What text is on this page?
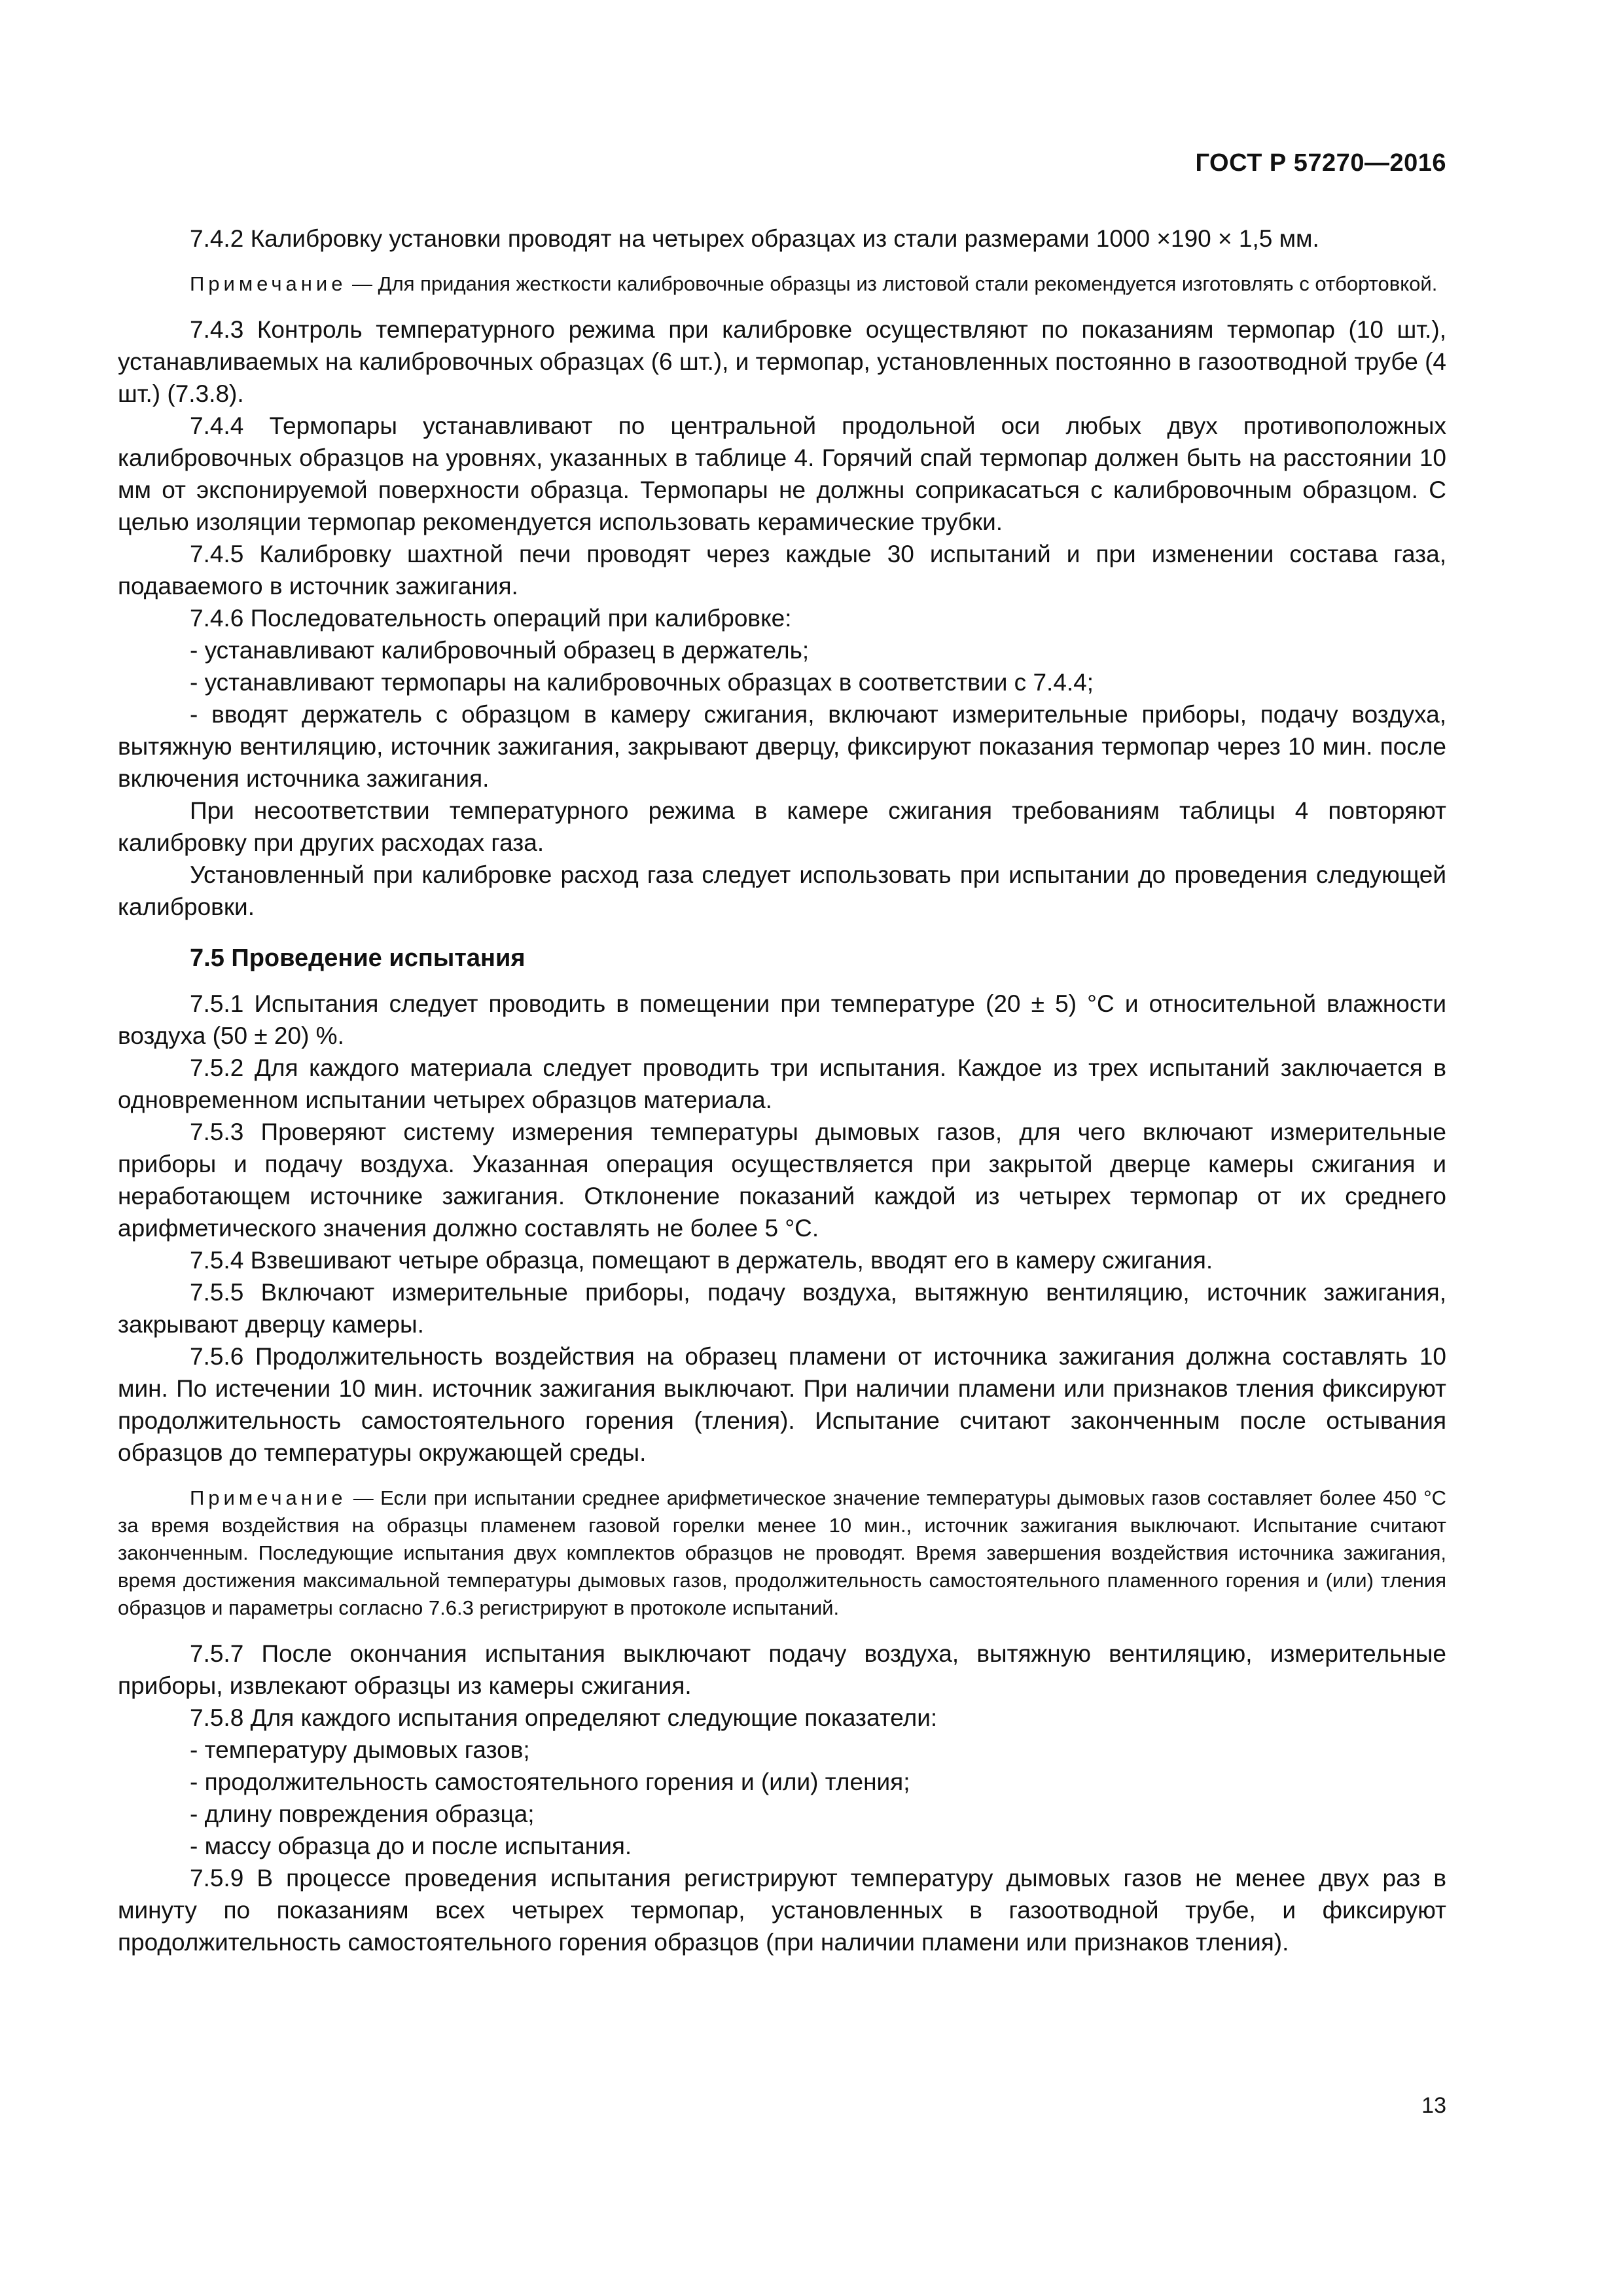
ГОСТ Р 57270—2016

7.4.2 Калибровку установки проводят на четырех образцах из стали размерами 1000 ×190 × 1,5 мм.

Примечание — Для придания жесткости калибровочные образцы из листовой стали рекомендуется изготовлять с отбортовкой.

7.4.3 Контроль температурного режима при калибровке осуществляют по показаниям термопар (10 шт.), устанавливаемых на калибровочных образцах (6 шт.), и термопар, установленных постоянно в газоотводной трубе (4 шт.) (7.3.8).

7.4.4 Термопары устанавливают по центральной продольной оси любых двух противоположных калибровочных образцов на уровнях, указанных в таблице 4. Горячий спай термопар должен быть на расстоянии 10 мм от экспонируемой поверхности образца. Термопары не должны соприкасаться с калибровочным образцом. С целью изоляции термопар рекомендуется использовать керамические трубки.

7.4.5 Калибровку шахтной печи проводят через каждые 30 испытаний и при изменении состава газа, подаваемого в источник зажигания.

7.4.6 Последовательность операций при калибровке:

- устанавливают калибровочный образец в держатель;

- устанавливают термопары на калибровочных образцах в соответствии с 7.4.4;

- вводят держатель с образцом в камеру сжигания, включают измерительные приборы, подачу воздуха, вытяжную вентиляцию, источник зажигания, закрывают дверцу, фиксируют показания термопар через 10 мин. после включения источника зажигания.

При несоответствии температурного режима в камере сжигания требованиям таблицы 4 повторяют калибровку при других расходах газа.

Установленный при калибровке расход газа следует использовать при испытании до проведения следующей калибровки.

7.5 Проведение испытания

7.5.1 Испытания следует проводить в помещении при температуре (20 ± 5) °С и относительной влажности воздуха (50 ± 20) %.

7.5.2 Для каждого материала следует проводить три испытания. Каждое из трех испытаний заключается в одновременном испытании четырех образцов материала.

7.5.3 Проверяют систему измерения температуры дымовых газов, для чего включают измерительные приборы и подачу воздуха. Указанная операция осуществляется при закрытой дверце камеры сжигания и неработающем источнике зажигания. Отклонение показаний каждой из четырех термопар от их среднего арифметического значения должно составлять не более 5 °С.

7.5.4 Взвешивают четыре образца, помещают в держатель, вводят его в камеру сжигания.

7.5.5 Включают измерительные приборы, подачу воздуха, вытяжную вентиляцию, источник зажигания, закрывают дверцу камеры.

7.5.6 Продолжительность воздействия на образец пламени от источника зажигания должна составлять 10 мин. По истечении 10 мин. источник зажигания выключают. При наличии пламени или признаков тления фиксируют продолжительность самостоятельного горения (тления). Испытание считают законченным после остывания образцов до температуры окружающей среды.

Примечание — Если при испытании среднее арифметическое значение температуры дымовых газов составляет более 450 °С за время воздействия на образцы пламенем газовой горелки менее 10 мин., источник зажигания выключают. Испытание считают законченным. Последующие испытания двух комплектов образцов не проводят. Время завершения воздействия источника зажигания, время достижения максимальной температуры дымовых газов, продолжительность самостоятельного пламенного горения и (или) тления образцов и параметры согласно 7.6.3 регистрируют в протоколе испытаний.

7.5.7 После окончания испытания выключают подачу воздуха, вытяжную вентиляцию, измерительные приборы, извлекают образцы из камеры сжигания.

7.5.8 Для каждого испытания определяют следующие показатели:

- температуру дымовых газов;

- продолжительность самостоятельного горения и (или) тления;

- длину повреждения образца;

- массу образца до и после испытания.

7.5.9 В процессе проведения испытания регистрируют температуру дымовых газов не менее двух раз в минуту по показаниям всех четырех термопар, установленных в газоотводной трубе, и фиксируют продолжительность самостоятельного горения образцов (при наличии пламени или признаков тления).

13
